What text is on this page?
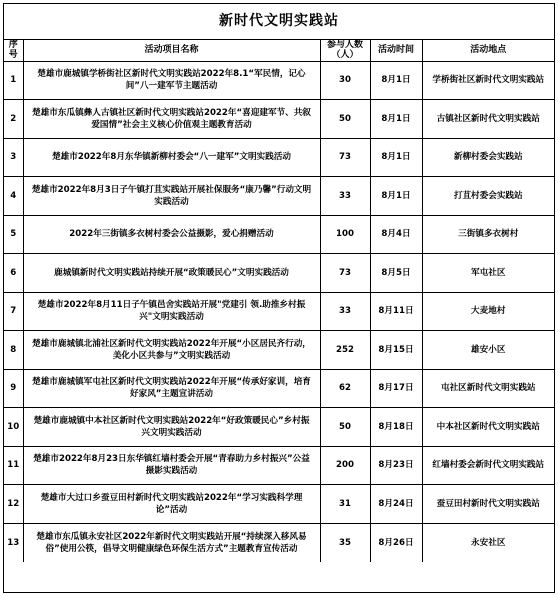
新时代文明实践站
序号	活动项目名称	参与人数（人）	活动时间	活动地点
1	楚雄市鹿城镇学桥街社区新时代文明实践站2022年8.1“军民情，记心间”八一建军节主题活动	30	8月1日	学桥街社区新时代文明实践站
2	楚雄市东瓜镇彝人古镇社区新时代文明实践站2022年“喜迎建军节、共叙爱国情”社会主义核心价值观主题教育活动	50	8月1日	古镇社区新时代文明实践站
3	楚雄市2022年8月东华镇新柳村委会“八一建军”文明实践活动	73	8月1日	新柳村委会实践站
4	楚雄市2022年8月3日子午镇打苴实践站开展社保服务“康乃馨”行动文明实践活动	33	8月1日	打苴村委会实践站
5	2022年三街镇多衣树村委会公益摄影，爱心捐赠活动	100	8月4日	三街镇多衣树村
6	鹿城镇新时代文明实践站持续开展“政策暖民心”文明实践活动	73	8月5日	军屯社区
7	楚雄市2022年8月11日子午镇邑舍实践站开展"党建引 领.助推乡村振兴"文明实践活动	33	8月11日	大麦地村
8	楚雄市鹿城镇北浦社区新时代文明实践站2022年开展“小区居民齐行动，美化小区共参与”文明实践活动	252	8月15日	雄安小区
9	楚雄市鹿城镇军屯社区新时代文明实践站2022年开展“传承好家训，培育好家风”主题宣讲活动	62	8月17日	屯社区新时代文明实践站
10	楚雄市鹿城镇中本社区新时代文明实践站2022年“好政策暖民心”乡村振兴文明实践活动	50	8月18日	中本社区新时代文明实践站
11	楚雄市2022年8月23日东华镇红墙村委会开展“青春助力乡村振兴”公益摄影实践活动	200	8月23日	红墙村委会新时代文明实践站
12	楚雄市大过口乡蚕豆田村新时代文明实践站2022年“学习实践科学理论”活动	31	8月24日	蚕豆田村新时代文明实践站
13	楚雄市东瓜镇永安社区2022年新时代文明实践站开展“持续深入移风易俗”使用公筷，倡导文明健康绿色环保生活方式”主题教育宣传活动	35	8月26日	永安社区
